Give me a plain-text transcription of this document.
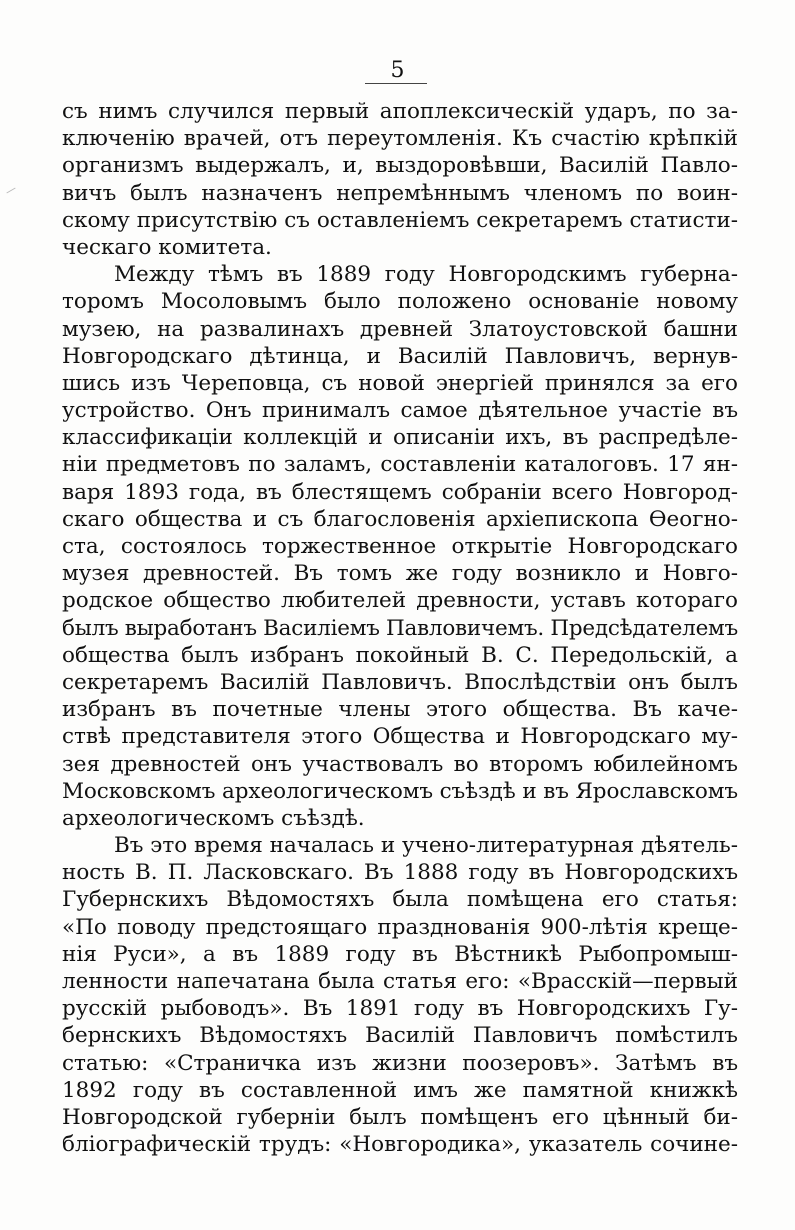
5
съ нимъ случился первый апоплексическій ударъ, по за-
ключенію врачей, отъ переутомленія. Къ счастію крѣпкій
организмъ выдержалъ, и, выздоровѣвши, Василій Павло-
вичъ былъ назначенъ непремѣннымъ членомъ по воин-
скому присутствію съ оставленіемъ секретаремъ статисти-
ческаго комитета.
Между тѣмъ въ 1889 году Новгородскимъ губерна-
торомъ Мосоловымъ было положено основаніе новому
музею, на развалинахъ древней Златоустовской башни
Новгородскаго дѣтинца, и Василій Павловичъ, вернув-
шись изъ Череповца, съ новой энергіей принялся за его
устройство. Онъ принималъ самое дѣятельное участіе въ
классификаціи коллекцій и описаніи ихъ, въ распредѣле-
ніи предметовъ по заламъ, составленіи каталоговъ. 17 ян-
варя 1893 года, въ блестящемъ собраніи всего Новгород-
скаго общества и съ благословенія архіепископа Ѳеогно-
ста, состоялось торжественное открытіе Новгородскаго
музея древностей. Въ томъ же году возникло и Новго-
родское общество любителей древности, уставъ котораго
былъ выработанъ Василіемъ Павловичемъ. Предсѣдателемъ
общества былъ избранъ покойный В. С. Передольскій, а
секретаремъ Василій Павловичъ. Впослѣдствіи онъ былъ
избранъ въ почетные члены этого общества. Въ каче-
ствѣ представителя этого Общества и Новгородскаго му-
зея древностей онъ участвовалъ во второмъ юбилейномъ
Московскомъ археологическомъ съѣздѣ и въ Ярославскомъ
археологическомъ съѣздѣ.
Въ это время началась и учено-литературная дѣятель-
ность В. П. Ласковскаго. Въ 1888 году въ Новгородскихъ
Губернскихъ Вѣдомостяхъ была помѣщена его статья:
«По поводу предстоящаго празднованія 900-лѣтія креще-
нія Руси», а въ 1889 году въ Вѣстникѣ Рыбопромыш-
ленности напечатана была статья его: «Врасскій—первый
русскій рыбоводъ». Въ 1891 году въ Новгородскихъ Гу-
бернскихъ Вѣдомостяхъ Василій Павловичъ помѣстилъ
статью: «Страничка изъ жизни поозеровъ». Затѣмъ въ
1892 году въ составленной имъ же памятной книжкѣ
Новгородской губерніи былъ помѣщенъ его цѣнный би-
бліографическій трудъ: «Новгородика», указатель сочине-
